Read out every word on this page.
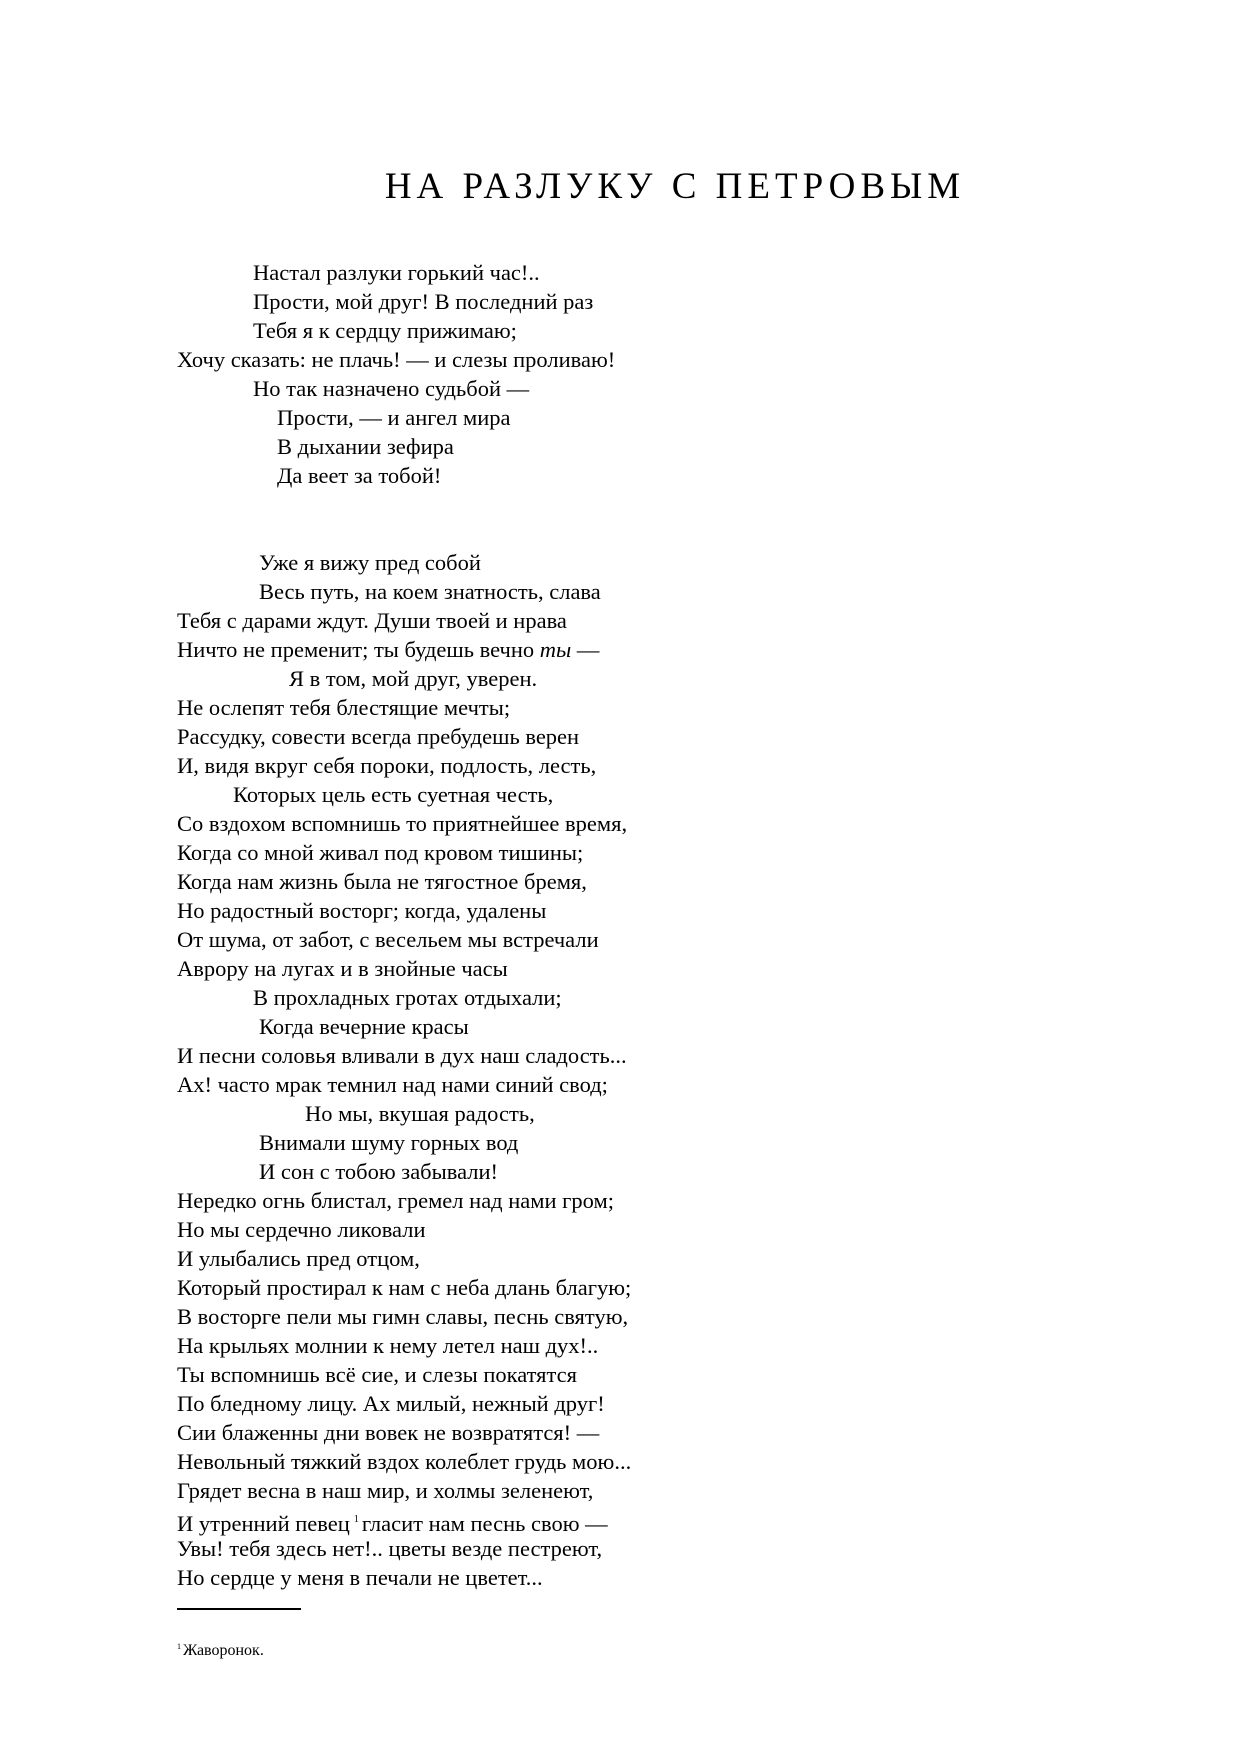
НА РАЗЛУКУ С ПЕТРОВЫМ
Настал разлуки горький час!..
Прости, мой друг! В последний раз
Тебя я к сердцу прижимаю;
Хочу сказать: не плачь! — и слезы проливаю!
Но так назначено судьбой —
Прости, — и ангел мира
В дыхании зефира
Да веет за тобой!
Уже я вижу пред собой
Весь путь, на коем знатность, слава
Тебя с дарами ждут. Души твоей и нрава
Ничто не пременит; ты будешь вечно ты —
Я в том, мой друг, уверен.
Не ослепят тебя блестящие мечты;
Рассудку, совести всегда пребудешь верен
И, видя вкруг себя пороки, подлость, лесть,
Которых цель есть суетная честь,
Со вздохом вспомнишь то приятнейшее время,
Когда со мной живал под кровом тишины;
Когда нам жизнь была не тягостное бремя,
Но радостный восторг; когда, удалены
От шума, от забот, с весельем мы встречали
Аврору на лугах и в знойные часы
В прохладных гротах отдыхали;
Когда вечерние красы
И песни соловья вливали в дух наш сладость...
Ах! часто мрак темнил над нами синий свод;
Но мы, вкушая радость,
Внимали шуму горных вод
И сон с тобою забывали!
Нередко огнь блистал, гремел над нами гром;
Но мы сердечно ликовали
И улыбались пред отцом,
Который простирал к нам с неба длань благую;
В восторге пели мы гимн славы, песнь святую,
На крыльях молнии к нему летел наш дух!..
Ты вспомнишь всё сие, и слезы покатятся
По бледному лицу. Ах милый, нежный друг!
Сии блаженны дни вовек не возвратятся! —
Невольный тяжкий вздох колеблет грудь мою...
Грядет весна в наш мир, и холмы зеленеют,
И утренний певец $^1$ гласит нам песнь свою —
Увы! тебя здесь нет!.. цветы везде пестреют,
Но сердце у меня в печали не цветет...
$^1$ Жаворонок.
